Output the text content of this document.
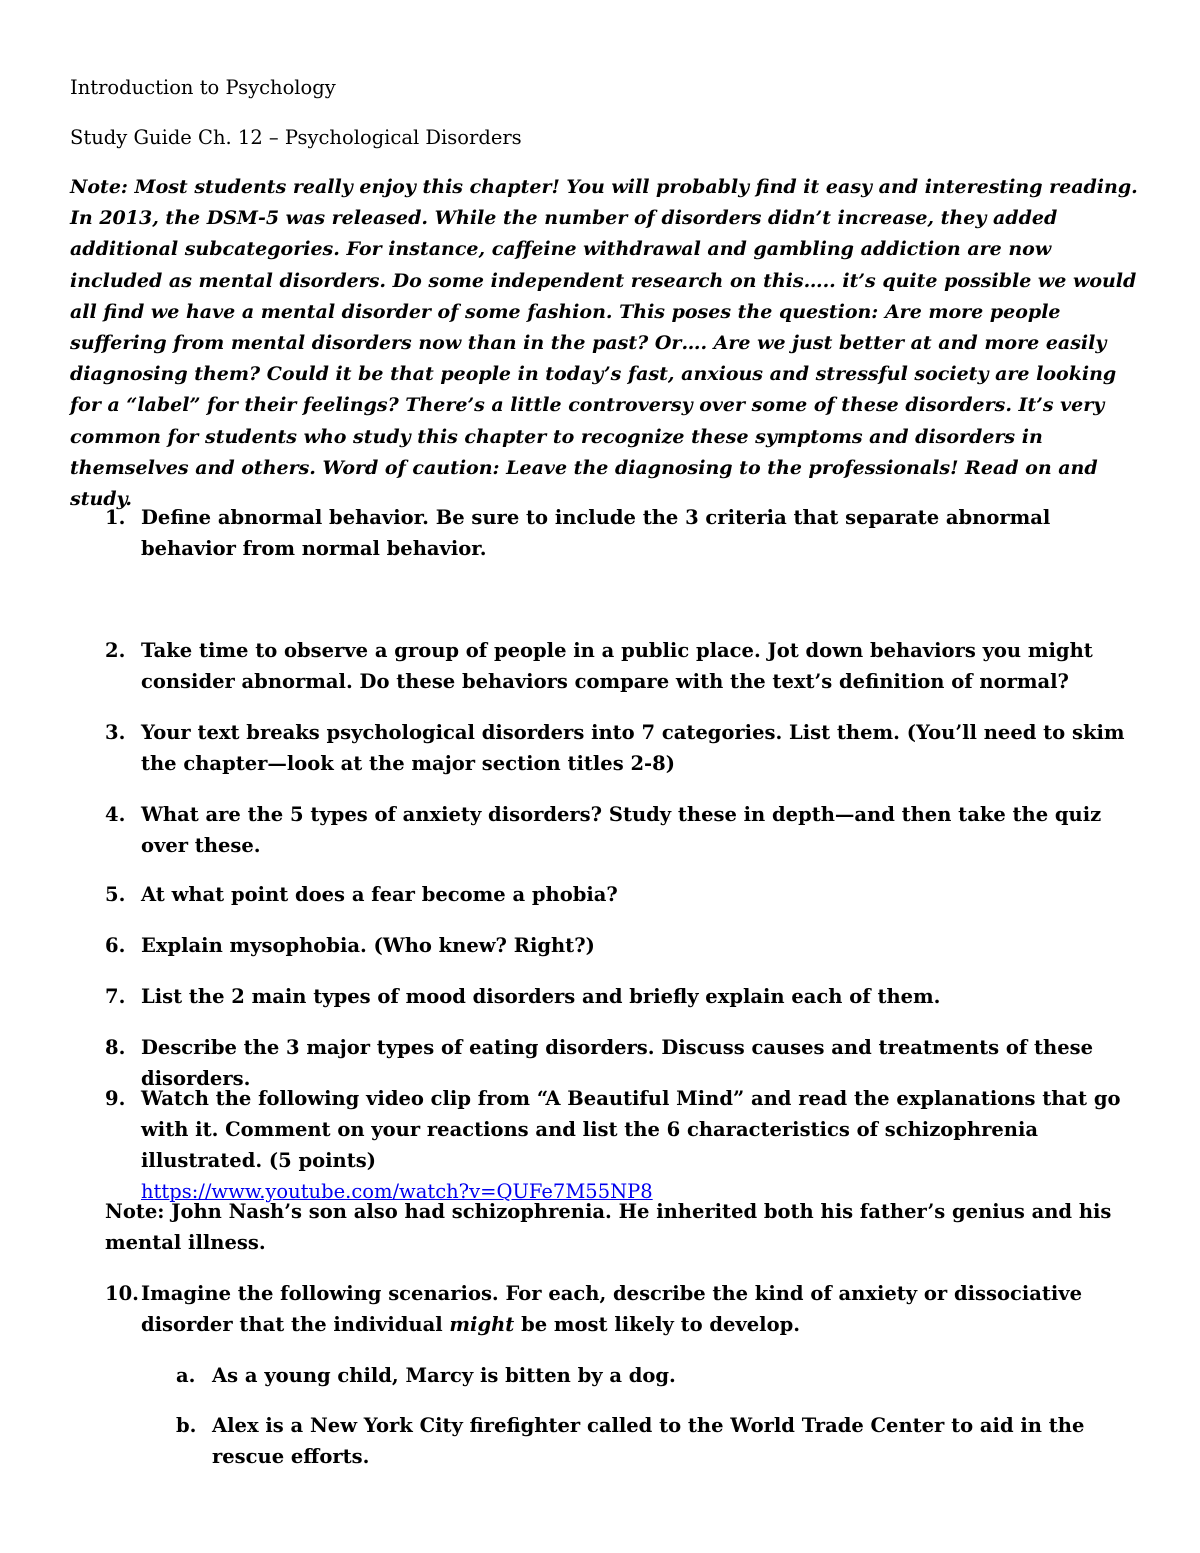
Introduction to Psychology

Study Guide Ch. 12 – Psychological Disorders

Note: Most students really enjoy this chapter! You will probably find it easy and interesting reading. In 2013, the DSM-5 was released. While the number of disorders didn’t increase, they added additional subcategories. For instance, caffeine withdrawal and gambling addiction are now included as mental disorders. Do some independent research on this….. it’s quite possible we would all find we have a mental disorder of some fashion. This poses the question: Are more people suffering from mental disorders now than in the past? Or…. Are we just better at and more easily diagnosing them? Could it be that people in today’s fast, anxious and stressful society are looking for a “label” for their feelings? There’s a little controversy over some of these disorders. It’s very common for students who study this chapter to recognize these symptoms and disorders in themselves and others. Word of caution: Leave the diagnosing to the professionals! Read on and study.

1. Define abnormal behavior. Be sure to include the 3 criteria that separate abnormal behavior from normal behavior.
2. Take time to observe a group of people in a public place. Jot down behaviors you might consider abnormal. Do these behaviors compare with the text’s definition of normal?
3. Your text breaks psychological disorders into 7 categories. List them. (You’ll need to skim the chapter—look at the major section titles 2-8)
4. What are the 5 types of anxiety disorders? Study these in depth—and then take the quiz over these.
5. At what point does a fear become a phobia?
6. Explain mysophobia. (Who knew? Right?)
7. List the 2 main types of mood disorders and briefly explain each of them.
8. Describe the 3 major types of eating disorders. Discuss causes and treatments of these disorders.
9. Watch the following video clip from “A Beautiful Mind” and read the explanations that go with it. Comment on your reactions and list the 6 characteristics of schizophrenia illustrated. (5 points)
https://www.youtube.com/watch?v=QUFe7M55NP8

Note: John Nash’s son also had schizophrenia. He inherited both his father’s genius and his mental illness.

10. Imagine the following scenarios. For each, describe the kind of anxiety or dissociative disorder that the individual might be most likely to develop.
a. As a young child, Marcy is bitten by a dog.
b. Alex is a New York City firefighter called to the World Trade Center to aid in the rescue efforts.
